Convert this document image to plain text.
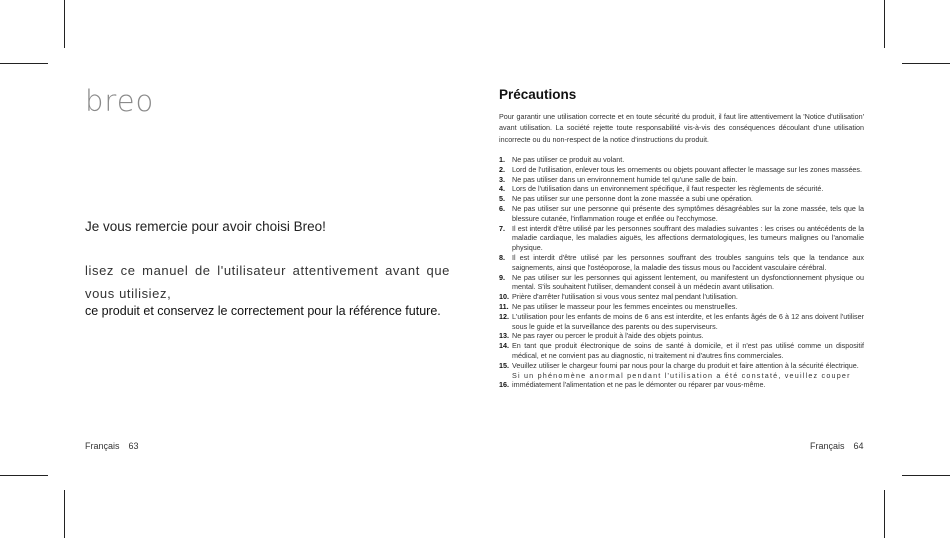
breo
Je vous remercie pour avoir choisi Breo!
lisez ce manuel de l'utilisateur attentivement avant que vous utilisiez,
ce produit et conservez le correctement pour la référence future.
Français 63
Précautions
Pour garantir une utilisation correcte et en toute sécurité du produit, il faut lire attentivement la 'Notice d'utilisation' avant utilisation. La société rejette toute responsabilité vis-à-vis des conséquences découlant d'une utilisation incorrecte ou du non-respect de la notice d'instructions du produit.
1. Ne pas utiliser ce produit au volant.
2. Lord de l'utilisation, enlever tous les ornements ou objets pouvant affecter le massage sur les zones massées.
3. Ne pas utiliser dans un environnement humide tel qu'une salle de bain.
4. Lors de l'utilisation dans un environnement spécifique, il faut respecter les règlements de sécurité.
5. Ne pas utiliser sur une personne dont la zone massée a subi une opération.
6. Ne pas utiliser sur une personne qui présente des symptômes désagréables sur la zone massée, tels que la blessure cutanée, l'inflammation rouge et enflée ou l'ecchymose.
7. Il est interdit d'être utilisé par les personnes souffrant des maladies suivantes : les crises ou antécédents de la maladie cardiaque, les maladies aiguës, les affections dermatologiques, les tumeurs malignes ou l'anomalie physique.
8. Il est interdit d'être utilisé par les personnes souffrant des troubles sanguins tels que la tendance aux saignements, ainsi que l'ostéoporose, la maladie des tissus mous ou l'accident vasculaire cérébral.
9. Ne pas utiliser sur les personnes qui agissent lentement, ou manifestent un dysfonctionnement physique ou mental. S'ils souhaitent l'utiliser, demandent conseil à un médecin avant utilisation.
10. Prière d'arrêter l'utilisation si vous vous sentez mal pendant l'utilisation.
11. Ne pas utiliser le masseur pour les femmes enceintes ou menstruelles.
12. L'utilisation pour les enfants de moins de 6 ans est interdite, et les enfants âgés de 6 à 12 ans doivent l'utiliser sous le guide et la surveillance des parents ou des superviseurs.
13. Ne pas rayer ou percer le produit à l'aide des objets pointus.
14. En tant que produit électronique de soins de santé à domicile, et il n'est pas utilisé comme un dispositif médical, et ne convient pas au diagnostic, ni traitement ni d'autres fins commerciales.
15. Veuillez utiliser le chargeur fourni par nous pour la charge du produit et faire attention à la sécurité électrique.
Si un phénomène anormal pendant l'utilisation a été constaté, veuillez couper
16. immédiatement l'alimentation et ne pas le démonter ou réparer par vous-même.
Français 64
